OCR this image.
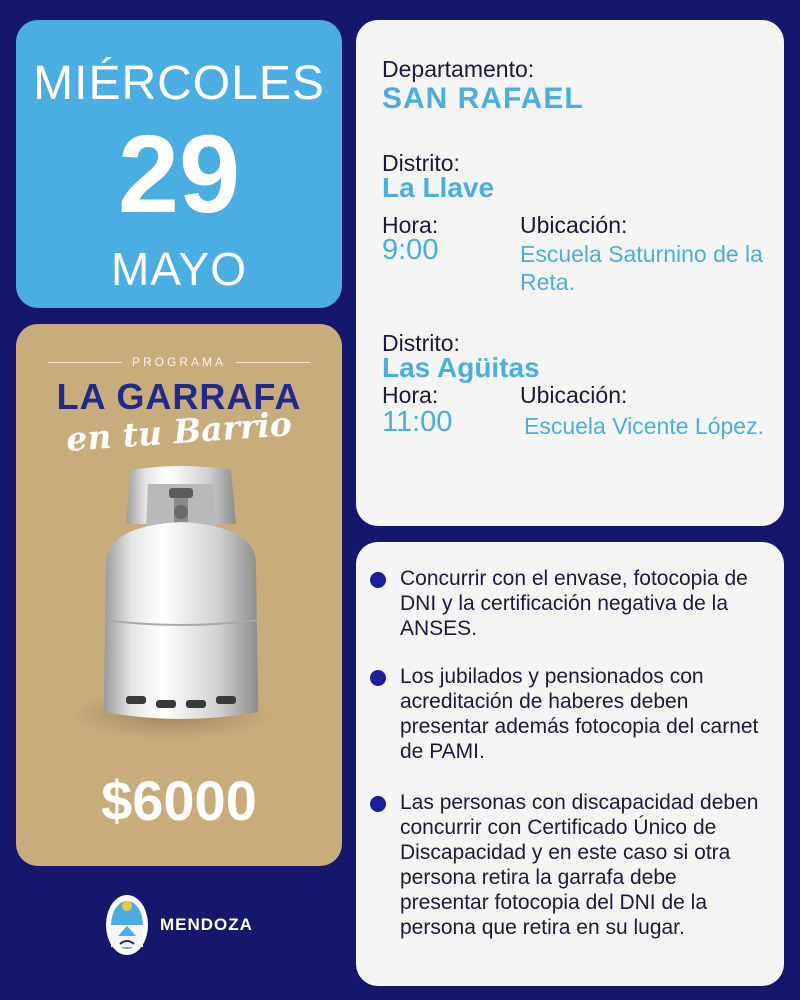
MIÉRCOLES
29
MAYO
PROGRAMA
LA GARRAFA
en tu Barrio
$6000
MENDOZA
Departamento:
SAN RAFAEL
Distrito:
La Llave
Hora:
9:00
Ubicación:
Escuela Saturnino de la Reta.
Distrito:
Las Agüitas
Hora:
11:00
Ubicación:
Escuela Vicente López.
Concurrir con el envase, fotocopia de DNI y la certificación negativa de la ANSES.
Los jubilados y pensionados con acreditación de haberes deben presentar además fotocopia del carnet de PAMI.
Las personas con discapacidad deben concurrir con Certificado Único de Discapacidad y en este caso si otra persona retira la garrafa debe presentar fotocopia del DNI de la persona que retira en su lugar.
